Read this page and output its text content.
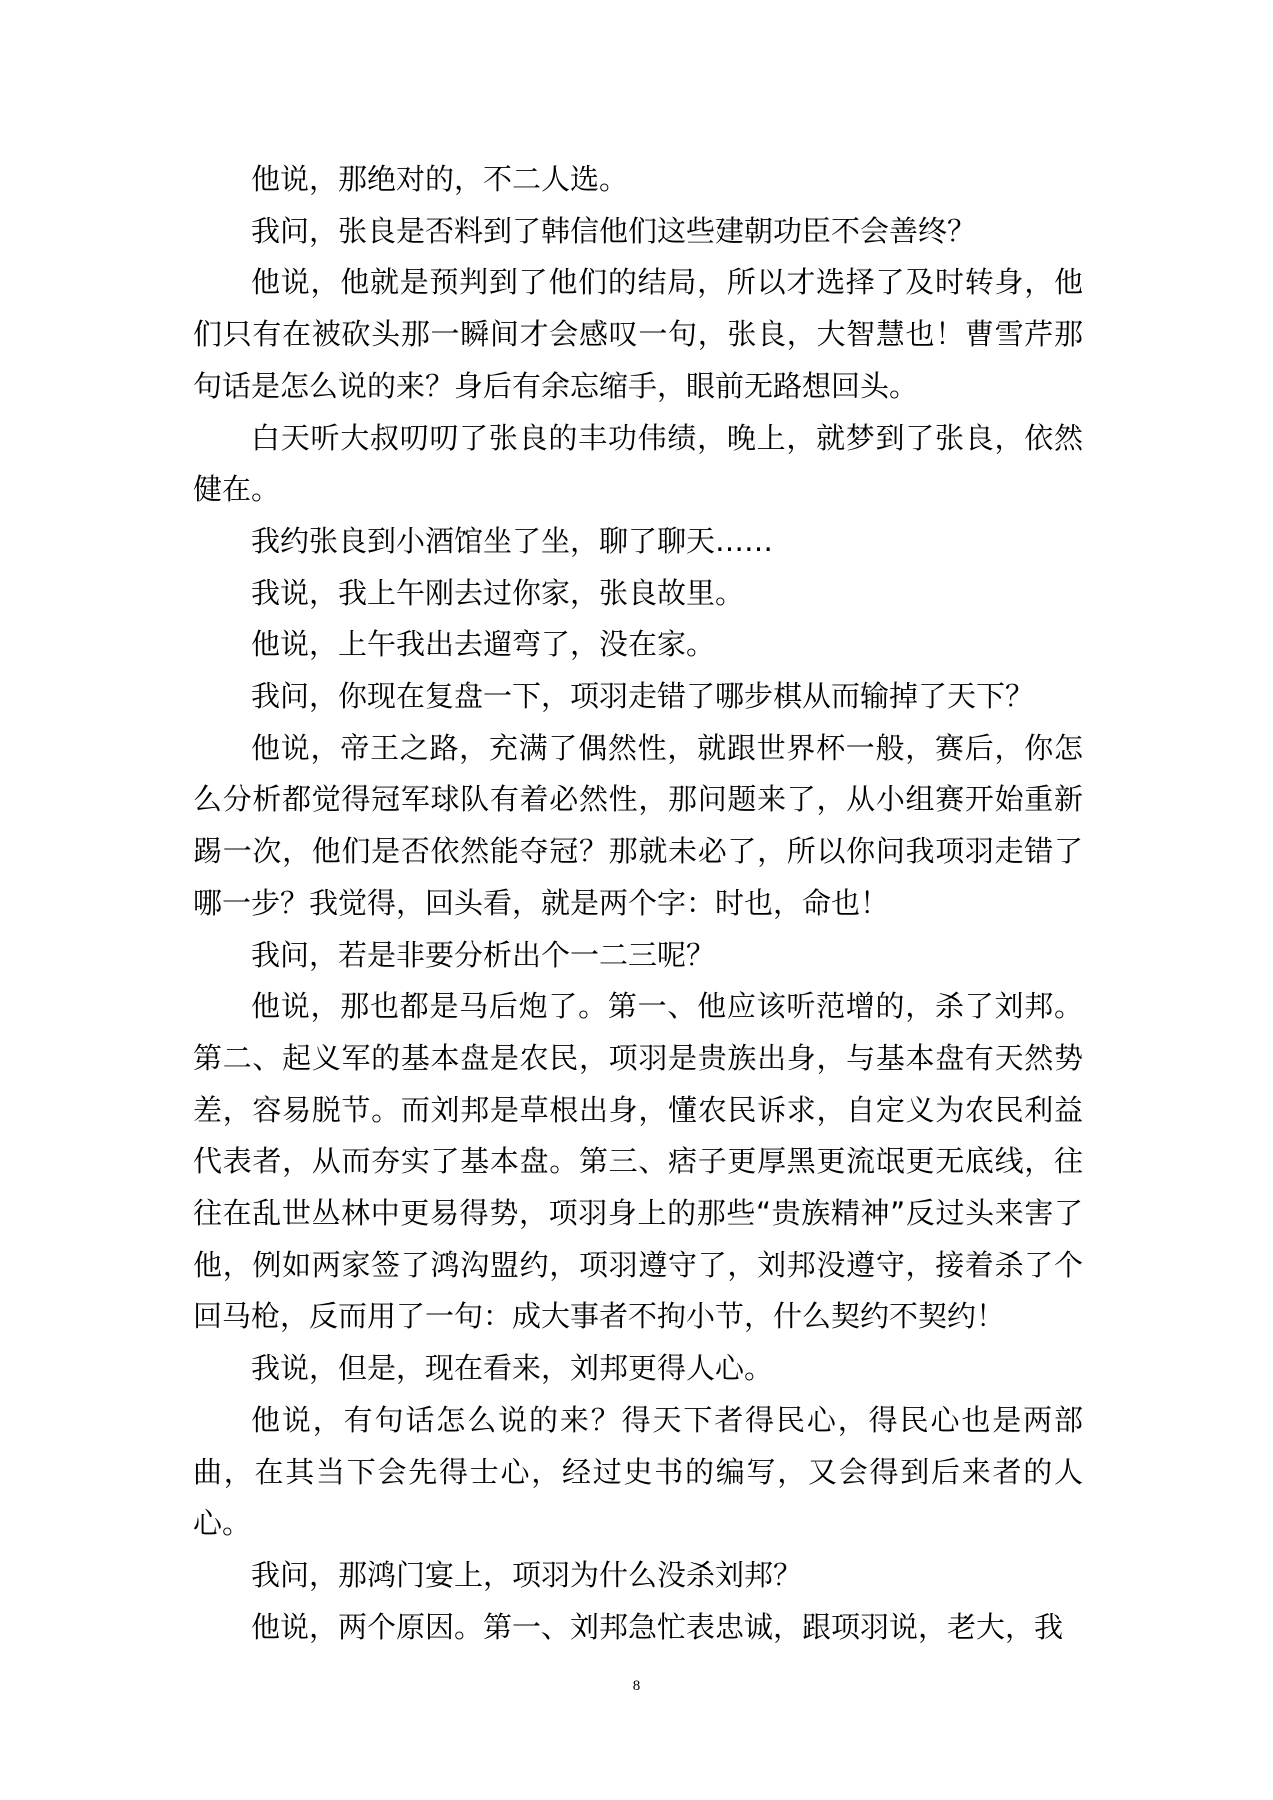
他说，那绝对的，不二人选。

我问，张良是否料到了韩信他们这些建朝功臣不会善终？

他说，他就是预判到了他们的结局，所以才选择了及时转身，他们只有在被砍头那一瞬间才会感叹一句，张良，大智慧也！曹雪芹那句话是怎么说的来？身后有余忘缩手，眼前无路想回头。

白天听大叔叨叨了张良的丰功伟绩，晚上，就梦到了张良，依然健在。

我约张良到小酒馆坐了坐，聊了聊天……

我说，我上午刚去过你家，张良故里。

他说，上午我出去遛弯了，没在家。

我问，你现在复盘一下，项羽走错了哪步棋从而输掉了天下？

他说，帝王之路，充满了偶然性，就跟世界杯一般，赛后，你怎么分析都觉得冠军球队有着必然性，那问题来了，从小组赛开始重新踢一次，他们是否依然能夺冠？那就未必了，所以你问我项羽走错了哪一步？我觉得，回头看，就是两个字：时也，命也！

我问，若是非要分析出个一二三呢？

他说，那也都是马后炮了。第一、他应该听范增的，杀了刘邦。第二、起义军的基本盘是农民，项羽是贵族出身，与基本盘有天然势差，容易脱节。而刘邦是草根出身，懂农民诉求，自定义为农民利益代表者，从而夯实了基本盘。第三、痞子更厚黑更流氓更无底线，往往在乱世丛林中更易得势，项羽身上的那些“贵族精神”反过头来害了他，例如两家签了鸿沟盟约，项羽遵守了，刘邦没遵守，接着杀了个回马枪，反而用了一句：成大事者不拘小节，什么契约不契约！

我说，但是，现在看来，刘邦更得人心。

他说，有句话怎么说的来？得天下者得民心，得民心也是两部曲，在其当下会先得士心，经过史书的编写，又会得到后来者的人心。

我问，那鸿门宴上，项羽为什么没杀刘邦？

他说，两个原因。第一、刘邦急忙表忠诚，跟项羽说，老大，我

8
